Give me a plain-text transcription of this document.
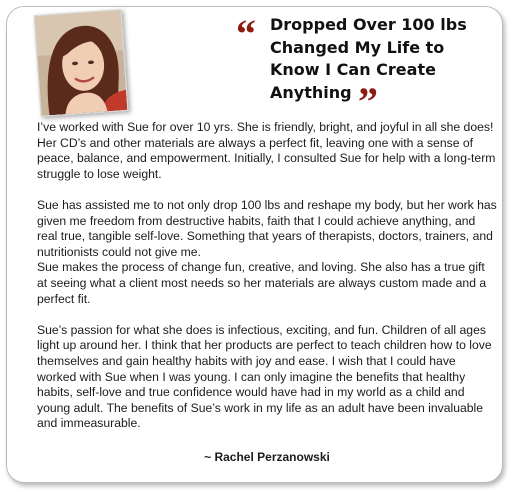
“ Dropped Over 100 lbs
Changed My Life to
Know I Can Create
Anything ”

I’ve worked with Sue for over 10 yrs. She is friendly, bright, and joyful in all she does! Her CD’s and other materials are always a perfect fit, leaving one with a sense of peace, balance, and empowerment. Initially, I consulted Sue for help with a long-term struggle to lose weight.

Sue has assisted me to not only drop 100 lbs and reshape my body, but her work has given me freedom from destructive habits, faith that I could achieve anything, and real true, tangible self-love. Something that years of therapists, doctors, trainers, and nutritionists could not give me.

Sue makes the process of change fun, creative, and loving. She also has a true gift at seeing what a client most needs so her materials are always custom made and a perfect fit.

Sue’s passion for what she does is infectious, exciting, and fun. Children of all ages light up around her. I think that her products are perfect to teach children how to love themselves and gain healthy habits with joy and ease. I wish that I could have worked with Sue when I was young. I can only imagine the benefits that healthy habits, self-love and true confidence would have had in my world as a child and young adult. The benefits of Sue’s work in my life as an adult have been invaluable and immeasurable.

~ Rachel Perzanowski
